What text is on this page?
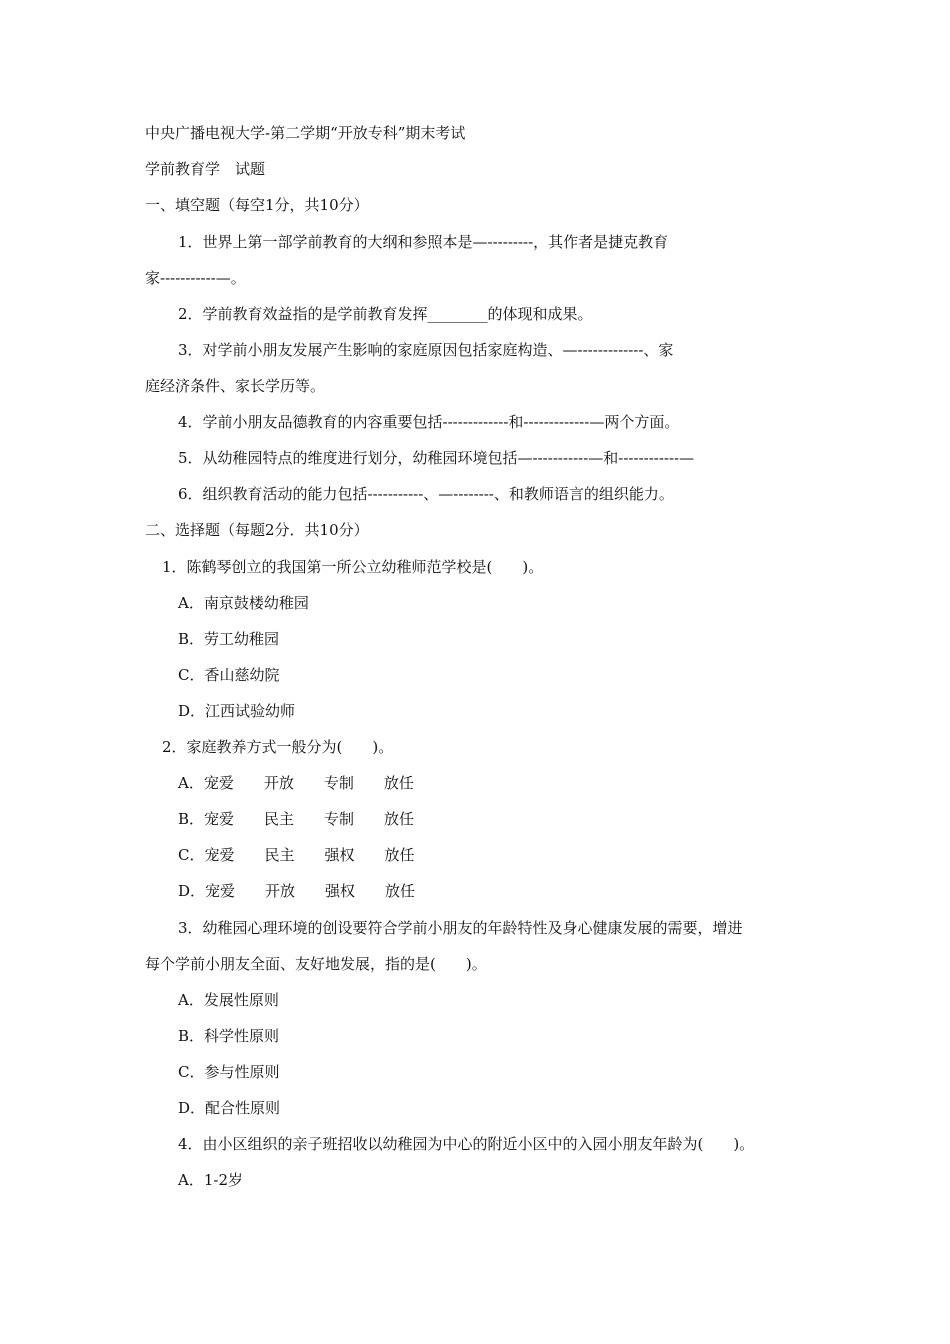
中央广播电视大学-第二学期“开放专科”期末考试
学前教育学　试题
一、填空题（每空1分，共10分）
1．世界上第一部学前教育的大纲和参照本是—---------，其作者是捷克教育
家-----------—。
2．学前教育效益指的是学前教育发挥________的体现和成果。
3．对学前小朋友发展产生影响的家庭原因包括家庭构造、—-------------、家
庭经济条件、家长学历等。
4．学前小朋友品德教育的内容重要包括-------------和-------------—两个方面。
5．从幼稚园特点的维度进行划分，幼稚园环境包括—-----------—和------------—
6．组织教育活动的能力包括-----------、—--------、和教师语言的组织能力。
二、选择题（每题2分．共10分）
1．陈鹤琴创立的我国第一所公立幼稚师范学校是(　　)。
A．南京鼓楼幼稚园
B．劳工幼稚园
C．香山慈幼院
D．江西试验幼师
2．家庭教养方式一般分为(　　)。
A．宠爱　　开放　　专制　　放任
B．宠爱　　民主　　专制　　放任
C．宠爱　　民主　　强权　　放任
D．宠爱　　开放　　强权　　放任
3．幼稚园心理环境的创设要符合学前小朋友的年龄特性及身心健康发展的需要，增进
每个学前小朋友全面、友好地发展，指的是(　　)。
A．发展性原则
B．科学性原则
C．参与性原则
D．配合性原则
4．由小区组织的亲子班招收以幼稚园为中心的附近小区中的入园小朋友年龄为(　　)。
A．1-2岁
